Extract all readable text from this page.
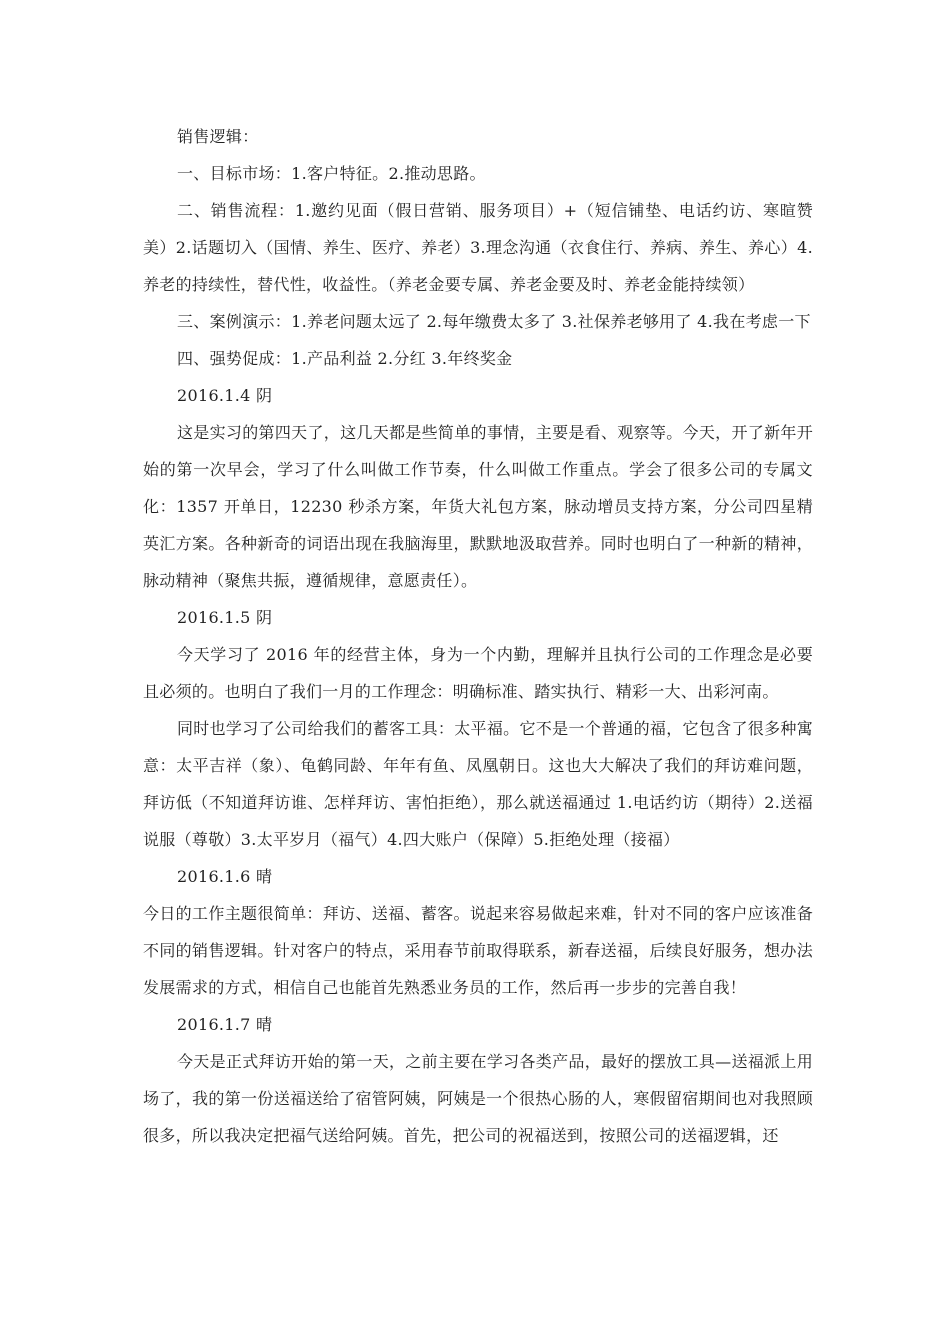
销售逻辑：

一、目标市场：1.客户特征。2.推动思路。

二、销售流程：1.邀约见面（假日营销、服务项目）+（短信铺垫、电话约访、寒暄赞美）2.话题切入（国情、养生、医疗、养老）3.理念沟通（衣食住行、养病、养生、养心）4.养老的持续性，替代性，收益性。（养老金要专属、养老金要及时、养老金能持续领）

三、案例演示：1.养老问题太远了 2.每年缴费太多了 3.社保养老够用了 4.我在考虑一下

四、强势促成：1.产品利益 2.分红 3.年终奖金

2016.1.4 阴

这是实习的第四天了，这几天都是些简单的事情，主要是看、观察等。今天，开了新年开始的第一次早会，学习了什么叫做工作节奏，什么叫做工作重点。学会了很多公司的专属文化：1357 开单日，12230 秒杀方案，年货大礼包方案，脉动增员支持方案，分公司四星精英汇方案。各种新奇的词语出现在我脑海里，默默地汲取营养。同时也明白了一种新的精神，脉动精神（聚焦共振，遵循规律，意愿责任）。

2016.1.5 阴

今天学习了 2016 年的经营主体，身为一个内勤，理解并且执行公司的工作理念是必要且必须的。也明白了我们一月的工作理念：明确标准、踏实执行、精彩一大、出彩河南。

同时也学习了公司给我们的蓄客工具：太平福。它不是一个普通的福，它包含了很多种寓意：太平吉祥（象）、龟鹤同龄、年年有鱼、凤凰朝日。这也大大解决了我们的拜访难问题，拜访低（不知道拜访谁、怎样拜访、害怕拒绝），那么就送福通过 1.电话约访（期待）2.送福说服（尊敬）3.太平岁月（福气）4.四大账户（保障）5.拒绝处理（接福）

2016.1.6 晴

今日的工作主题很简单：拜访、送福、蓄客。说起来容易做起来难，针对不同的客户应该准备不同的销售逻辑。针对客户的特点，采用春节前取得联系，新春送福，后续良好服务，想办法发展需求的方式，相信自己也能首先熟悉业务员的工作，然后再一步步的完善自我！

2016.1.7 晴

今天是正式拜访开始的第一天，之前主要在学习各类产品，最好的摆放工具—送福派上用场了，我的第一份送福送给了宿管阿姨，阿姨是一个很热心肠的人，寒假留宿期间也对我照顾很多，所以我决定把福气送给阿姨。首先，把公司的祝福送到，按照公司的送福逻辑，还
